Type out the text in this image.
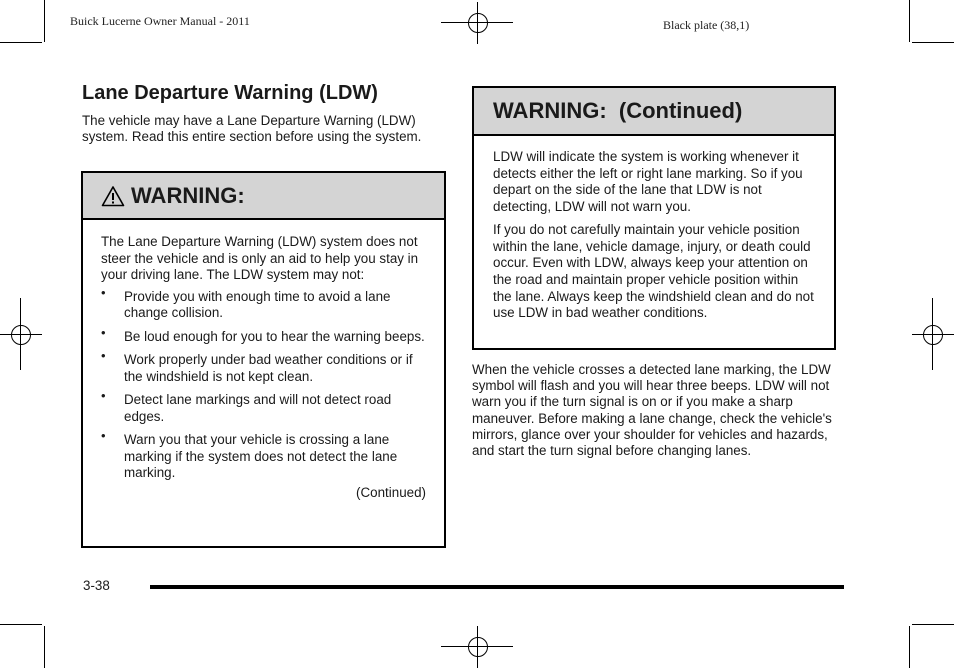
Buick Lucerne Owner Manual - 2011	Black plate (38,1)
Lane Departure Warning (LDW)

The vehicle may have a Lane Departure Warning (LDW) system. Read this entire section before using the system.

WARNING:

The Lane Departure Warning (LDW) system does not steer the vehicle and is only an aid to help you stay in your driving lane. The LDW system may not:

• Provide you with enough time to avoid a lane change collision.
• Be loud enough for you to hear the warning beeps.
• Work properly under bad weather conditions or if the windshield is not kept clean.
• Detect lane markings and will not detect road edges.
• Warn you that your vehicle is crossing a lane marking if the system does not detect the lane marking.
(Continued)
WARNING:  (Continued)

LDW will indicate the system is working whenever it detects either the left or right lane marking. So if you depart on the side of the lane that LDW is not detecting, LDW will not warn you.

If you do not carefully maintain your vehicle position within the lane, vehicle damage, injury, or death could occur. Even with LDW, always keep your attention on the road and maintain proper vehicle position within the lane. Always keep the windshield clean and do not use LDW in bad weather conditions.

When the vehicle crosses a detected lane marking, the LDW symbol will flash and you will hear three beeps. LDW will not warn you if the turn signal is on or if you make a sharp maneuver. Before making a lane change, check the vehicle's mirrors, glance over your shoulder for vehicles and hazards, and start the turn signal before changing lanes.

3-38
